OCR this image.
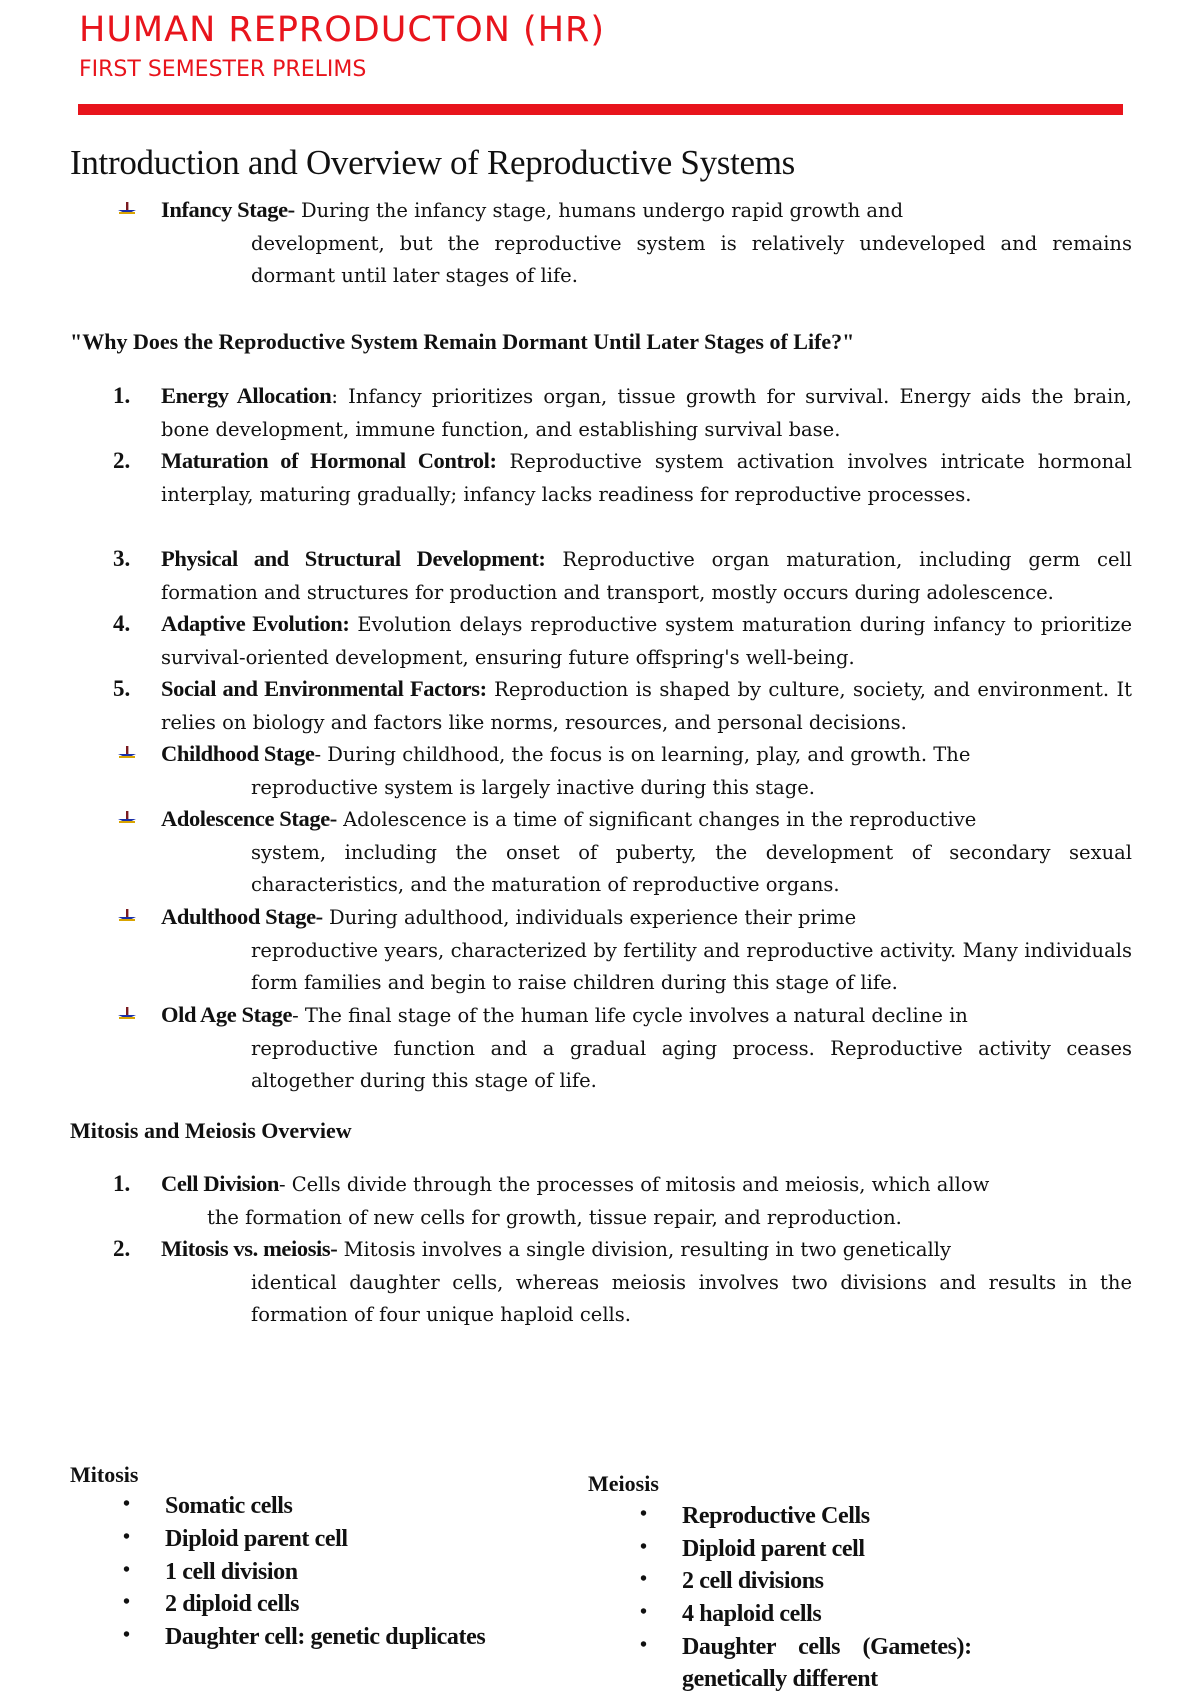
HUMAN REPRODUCTON (HR)
FIRST SEMESTER PRELIMS
Introduction and Overview of Reproductive Systems
Infancy Stage- During the infancy stage, humans undergo rapid growth and
development, but the reproductive system is relatively undeveloped and remains dormant until later stages of life.
"Why Does the Reproductive System Remain Dormant Until Later Stages of Life?"
1.	Energy Allocation: Infancy prioritizes organ, tissue growth for survival. Energy aids the brain, bone development, immune function, and establishing survival base.
2.	Maturation of Hormonal Control: Reproductive system activation involves intricate hormonal interplay, maturing gradually; infancy lacks readiness for reproductive processes.
3.	Physical and Structural Development: Reproductive organ maturation, including germ cell formation and structures for production and transport, mostly occurs during adolescence.
4.	Adaptive Evolution: Evolution delays reproductive system maturation during infancy to prioritize survival-oriented development, ensuring future offspring's well-being.
5.	Social and Environmental Factors: Reproduction is shaped by culture, society, and environment. It relies on biology and factors like norms, resources, and personal decisions.
Childhood Stage- During childhood, the focus is on learning, play, and growth. The
reproductive system is largely inactive during this stage.
Adolescence Stage- Adolescence is a time of significant changes in the reproductive
system, including the onset of puberty, the development of secondary sexual characteristics, and the maturation of reproductive organs.
Adulthood Stage- During adulthood, individuals experience their prime
reproductive years, characterized by fertility and reproductive activity. Many individuals form families and begin to raise children during this stage of life.
Old Age Stage- The final stage of the human life cycle involves a natural decline in
reproductive function and a gradual aging process. Reproductive activity ceases altogether during this stage of life.
Mitosis and Meiosis Overview
1.	Cell Division- Cells divide through the processes of mitosis and meiosis, which allow
the formation of new cells for growth, tissue repair, and reproduction.
2.	Mitosis vs. meiosis- Mitosis involves a single division, resulting in two genetically
identical daughter cells, whereas meiosis involves two divisions and results in the formation of four unique haploid cells.
Mitosis
• Somatic cells
• Diploid parent cell
• 1 cell division
• 2 diploid cells
• Daughter cell: genetic duplicates
Meiosis
• Reproductive Cells
• Diploid parent cell
• 2 cell divisions
• 4 haploid cells
• Daughter    cells    (Gametes):
genetically different
